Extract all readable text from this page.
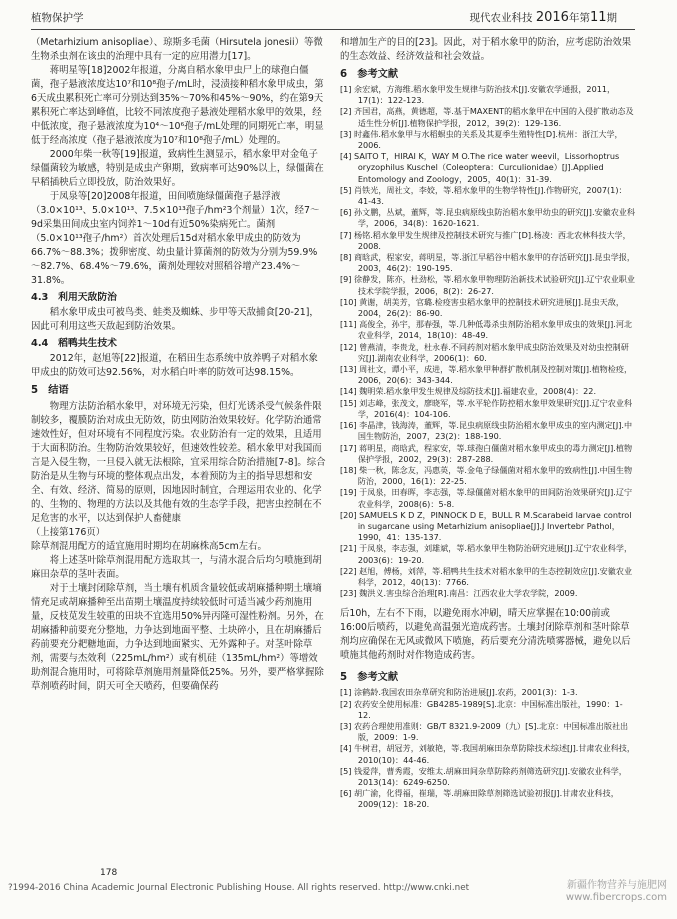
植物保护学	现代农业科技 2016年第11期

（Metarhizium anisopliae）、琼斯多毛菌（Hirsutela jonesii）等微生物杀虫剂在该虫的治理中具有一定的应用潜力[17]。

蒋明星等[18]2002年报道，分离自稻水象甲虫尸上的球孢白僵菌，孢子悬液浓度达10⁷和10⁸孢子/mL时，浸渍接种稻水象甲成虫，第6天成虫累积死亡率可分别达到35%～70%和45%～90%，约在第9天累积死亡率达到峰值，比较不同浓度孢子悬液处理稻水象甲的效果，经中低浓度，孢子悬液浓度为10⁴～10⁶孢子/mL处理的同期死亡率，明显低于经高浓度（孢子悬液浓度为10⁷和10⁸孢子/mL）处理的。

2000年柴一秋等[19]报道，致病性生测显示，稻水象甲对金龟子绿僵菌较为敏感，特别是成虫产卵期，致病率可达90%以上，绿僵菌在早稻插秧后立即投放，防治效果好。

于凤泉等[20]2008年报道，田间喷施绿僵菌孢子悬浮液（3.0×10¹³、5.0×10¹³、7.5×10¹³孢子/hm²3个剂量）1次，经7～9d采集田间成虫室内饲养1～10d有近50%染病死亡。菌剂（5.0×10¹³孢子/hm²）首次处理后15d对稻水象甲成虫的防效为66.7%～88.3%；拨卵密度、幼虫量计算菌剂的防效为分别为59.9%～82.7%、68.4%～79.6%，菌剂处理较对照稻谷增产23.4%～31.8%。

4.3　利用天敌防治

稻水象甲成虫可被鸟类、蛙类及蜘蛛、步甲等天敌捕食[20-21]，因此可利用这些天敌起到防治效果。

4.4　稻鸭共生技术

2012年，赵旭等[22]报道，在稻田生态系统中放养鸭子对稻水象甲成虫的防效可达92.56%，对水稻白叶率的防效可达98.15%。

5　结语

物理方法防治稻水象甲，对环境无污染，但灯光诱杀受气候条件限制较多，覆膜防治对成虫无防效，防虫网防治效果较好。化学防治通常速效性好，但对环境有不同程度污染。农业防治有一定的效果，且适用于大面积防治。生物防治效果较好，但速效性较差。稻水象甲对我国而言是入侵生物，一旦侵入就无法根除，宜采用综合防治措施[7-8]。综合防治是从生物与环境的整体观点出发，本着预防为主的指导思想和安全、有效、经济、简易的原则，因地因时制宜，合理运用农业的、化学的、生物的、物理的方法以及其他有效的生态学手段，把害虫控制在不足危害的水平，以达到保护人畜健康

（上接第176页）

除草剂混用配方的适宜施用时期均在胡麻株高5cm左右。

将上述茎叶除草剂混用配方选取其一，与清水混合后均匀喷施到胡麻田杂草的茎叶表面。

对于土壤封闭除草剂，当土壤有机质含量较低或胡麻播种期土壤墒情充足或胡麻播种至出苗期土壤温度持续较低时可适当减少药剂施用量，反枝苋发生较重的田块不宜选用50%异丙隆可湿性粉剂。另外，在胡麻播种前要充分整地，力争达到地面平整、土块碎小，且在胡麻播后药前要充分耙糖地面，力争达到地面紧实、无外露种子。对茎叶除草剂，需要与杰效利（225mL/hm²）或有机硅（135mL/hm²）等增效助剂混合施用时，可将除草剂施用剂量降低25%。另外，要严格掌握除草剂喷药时间，阴天可全天喷药，但要确保药

和增加生产的目的[23]。因此，对于稻水象甲的防治，应考虑防治效果的生态效益、经济效益和社会效益。

6　参考文献
[1] 余宏斌，方海维.稻水象甲发生规律与防治技术[J].安徽农学通报，2011，17(1)：122-123.
[2] 齐国君，高燕，黄德超，等.基于MAXENT的稻水象甲在中国的入侵扩散动态及适生性分析[J].植物保护学报，2012，39(2)：129-136.
[3] 时鑫伟.稻水象甲与水稻螟虫的关系及其夏季生殖特性[D].杭州：浙江大学，2006.
[4] SAITO T，HIRAI K，WAY M O.The rice water weevil，Lissorhoptrus oryzophilus Kuschel（Coleoptera：Curculionidae）[J].Applied Entomology and Zoology，2005，40(1)：31-39.
[5] 肖铁光，周社文，李姣，等.稻水象甲的生物学特性[J].作物研究，2007(1)：41-43.
[6] 孙文鹏，丛斌，董辉，等.昆虫病原线虫防治稻水象甲幼虫的研究[J].安徽农业科学，2006，34(8)：1620-1621.
[7] 杨铭.稻水象甲发生规律及控制技术研究与推广[D].杨凌：西北农林科技大学，2008.
[8] 商晗武，程家安，蒋明星，等.浙江早稻谷中稻水象甲的存活研究[J].昆虫学报，2003，46(2)：190-195.
[9] 徐静发，陈亦，杜劲松，等.稻水象甲物理防治新技术试验研究[J].辽宁农业职业技术学院学报，2006，8(2)：26-27.
[10] 黄谢，胡美芳，官璐.检疫害虫稻水象甲的控制技术研究进展[J].昆虫天敌，2004，26(2)：86-90.
[11] 高俊全，孙宇，那春强，等.几种低毒杀虫剂防治稻水象甲成虫的效果[J].河北农业科学，2014，18(10)：48-49.
[12] 曾燕清，李贵龙，杜永春.不同药剂对稻水象甲成虫防治效果及对幼虫控制研究[J].湖南农业科学，2006(1)：60.
[13] 周社文，谭小平，成进，等.稻水象甲种群扩散机制及控制对策[J].植物检疫，2006，20(6)：343-344.
[14] 魏明荣.稻水象甲发生规律及综防技术[J].福建农业，2008(4)：22.
[15] 刘志峰，张茂文，廖晓军，等.水平轮作防控稻水象甲效果研究[J].辽宁农业科学，2016(4)：104-106.
[16] 李晶津，钱海涛，董辉，等.昆虫病原线虫防治稻水象甲成虫的室内测定[J].中国生物防治，2007，23(2)：188-190.
[17] 蒋明星，商晗武，程家安，等.球孢白僵菌对稻水象甲成虫的毒力测定[J].植物保护学报，2002，29(3)：287-288.
[18] 柴一秋，陈念友，冯惠英，等.金龟子绿僵菌对稻水象甲的致病性[J].中国生物防治，2000，16(1)：22-25.
[19] 于凤泉，田春晖，李志强，等.绿僵菌对稻水象甲的田间防治效果研究[J].辽宁农业科学，2008(6)：5-8.
[20] SAMUELS K D Z，PINNOCK D E，BULL R M.Scarabeid larvae control in sugarcane using Metarhizium anisopliae[J].J Invertebr Pathol，1990，41：135-137.
[21] 于凤泉，李志强，刘雄斌，等.稻水象甲生物防治研究进展[J].辽宁农业科学，2003(6)：19-20.
[22] 赵旭，傅杨，刘萍，等.稻鸭共生技术对稻水象甲的生态控制效应[J].安徽农业科学，2012，40(13)：7766.
[23] 魏洪义.害虫综合治理[R].南昌：江西农业大学农学院，2009.

后10h，左右不下雨，以避免雨水冲刷，晴天应掌握在10:00前或16:00后喷药，以避免高温强光造成药害。土壤封闭除草剂和茎叶除草剂均应确保在无风或微风下喷施，药后要充分清洗喷雾器械，避免以后喷施其他药剂时对作物造成药害。

5　参考文献
[1] 涂鹤龄.我国农田杂草研究和防治进展[J].农药，2001(3)：1-3.
[2] 农药安全使用标准：GB4285-1989[S].北京：中国标准出版社，1990：1-12.
[3] 农药合理使用准则：GB/T 8321.9-2009（九）[S].北京：中国标准出版社出版，2009：1-9.
[4] 牛树君，胡冠芳，刘敏艳，等.我国胡麻田杂草防除技术综述[J].甘肃农业科技，2010(10)：44-46.
[5] 钱爱萍，曹秀霞，安维太.胡麻田间杂草防除药剂筛选研究[J].安徽农业科学，2013(14)：6249-6250.
[6] 胡广渝，化得福，崔瑞，等.胡麻田除草剂筛选试验初报[J].甘肃农业科技，2009(12)：18-20.
178
?1994-2016 China Academic Journal Electronic Publishing House. All rights reserved. http://www.cnki.net	新疆作物营养与施肥网
www.fibercrops.com
